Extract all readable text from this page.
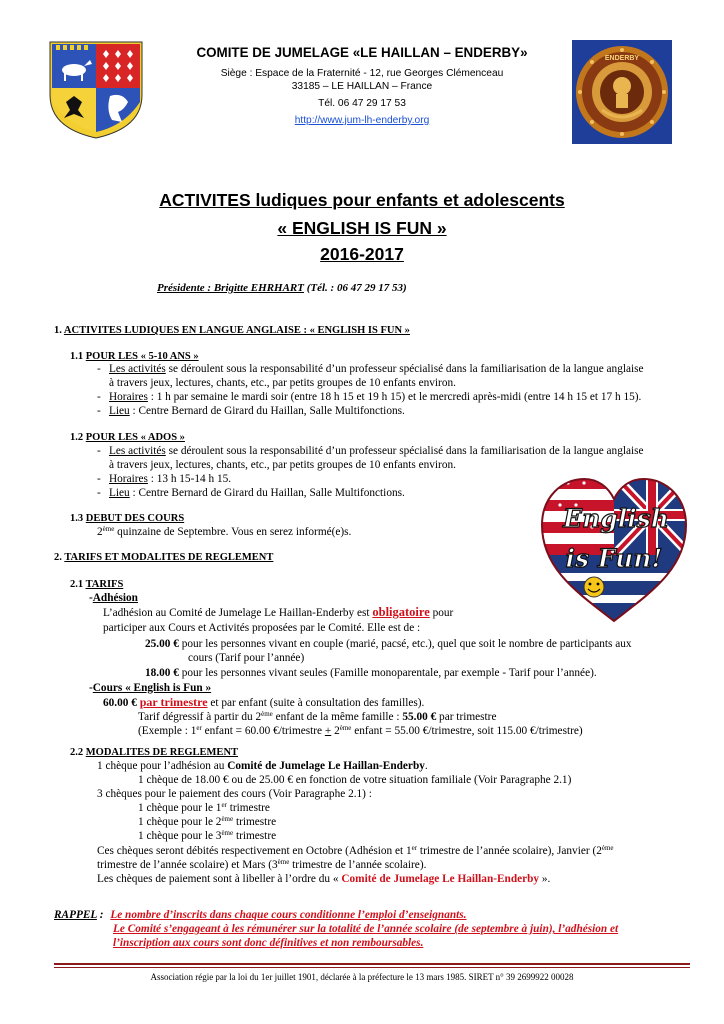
COMITE DE JUMELAGE «LE HAILLAN – ENDERBY»
Siège : Espace de la Fraternité - 12, rue Georges Clémenceau
33185 – LE HAILLAN – France
Tél. 06 47 29 17 53
http://www.jum-lh-enderby.org
ENDERBY
ACTIVITES ludiques pour enfants et adolescents
« ENGLISH IS FUN »
2016-2017
Présidente : Brigitte EHRHART (Tél. : 06 47 29 17 53)
1. ACTIVITES LUDIQUES EN LANGUE ANGLAISE : « ENGLISH IS FUN »
1.1 POUR LES « 5-10 ANS »
- Les activités se déroulent sous la responsabilité d’un professeur spécialisé dans la familiarisation de la langue anglaise
à travers jeux, lectures, chants, etc., par petits groupes de 10 enfants environ.
- Horaires : 1 h par semaine le mardi soir (entre 18 h 15 et 19 h 15) et le mercredi après-midi (entre 14 h 15 et 17 h 15).
- Lieu : Centre Bernard de Girard du Haillan, Salle Multifonctions.
1.2 POUR LES « ADOS »
- Les activités se déroulent sous la responsabilité d’un professeur spécialisé dans la familiarisation de la langue anglaise
à travers jeux, lectures, chants, etc., par petits groupes de 10 enfants environ.
- Horaires : 13 h 15-14 h 15.
- Lieu : Centre Bernard de Girard du Haillan, Salle Multifonctions.
1.3 DEBUT DES COURS
2ème quinzaine de Septembre. Vous en serez informé(e)s.	English
is Fun!
2. TARIFS ET MODALITES DE REGLEMENT
2.1 TARIFS
-Adhésion
L’adhésion au Comité de Jumelage Le Haillan-Enderby est obligatoire pour
participer aux Cours et Activités proposées par le Comité. Elle est de :
25.00 € pour les personnes vivant en couple (marié, pacsé, etc.), quel que soit le nombre de participants aux
cours (Tarif pour l’année)
18.00 € pour les personnes vivant seules (Famille monoparentale, par exemple - Tarif pour l’année).
-Cours « English is Fun »
60.00 € par trimestre et par enfant (suite à consultation des familles).
Tarif dégressif à partir du 2ème enfant de la même famille : 55.00 € par trimestre
(Exemple : 1er enfant = 60.00 €/trimestre + 2ème enfant = 55.00 €/trimestre, soit 115.00 €/trimestre)
2.2 MODALITES DE REGLEMENT
1 chèque pour l’adhésion au Comité de Jumelage Le Haillan-Enderby.
1 chèque de 18.00 € ou de 25.00 € en fonction de votre situation familiale (Voir Paragraphe 2.1)
3 chèques pour le paiement des cours (Voir Paragraphe 2.1) :
1 chèque pour le 1er trimestre
1 chèque pour le 2ème trimestre
1 chèque pour le 3ème trimestre
Ces chèques seront débités respectivement en Octobre (Adhésion et 1er trimestre de l’année scolaire), Janvier (2ème
trimestre de l’année scolaire) et Mars (3ème trimestre de l’année scolaire).
Les chèques de paiement sont à libeller à l’ordre du « Comité de Jumelage Le Haillan-Enderby ».
RAPPEL : Le nombre d’inscrits dans chaque cours conditionne l’emploi d’enseignants.
Le Comité s’engageant à les rémunérer sur la totalité de l’année scolaire (de septembre à juin), l’adhésion et
l’inscription aux cours sont donc définitives et non remboursables.
Association régie par la loi du 1er juillet 1901, déclarée à la préfecture le 13 mars 1985. SIRET n° 39 2699922 00028
